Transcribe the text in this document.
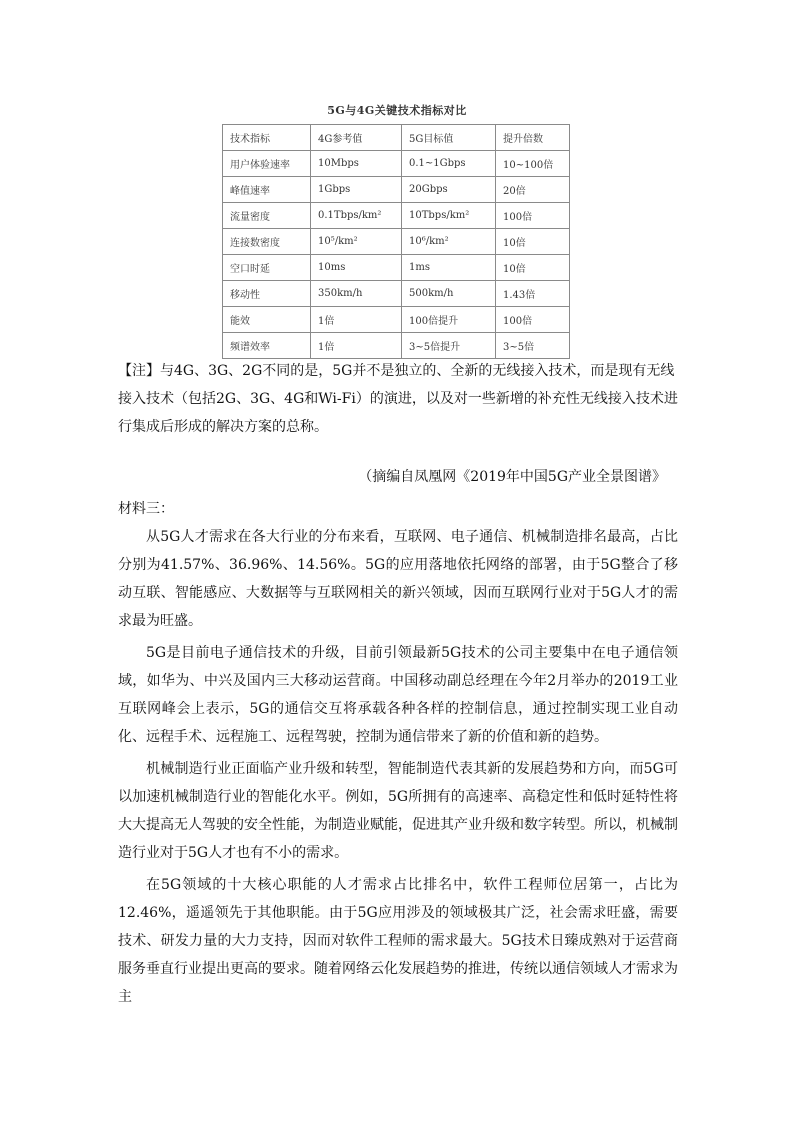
5G与4G关键技术指标对比
技术指标	4G参考值	5G目标值	提升倍数
用户体验速率	10Mbps	0.1~1Gbps	10~100倍
峰值速率	1Gbps	20Gbps	20倍
流量密度	0.1Tbps/km²	10Tbps/km²	100倍
连接数密度	10⁵/km²	10⁶/km²	10倍
空口时延	10ms	1ms	10倍
移动性	350km/h	500km/h	1.43倍
能效	1倍	100倍提升	100倍
频谱效率	1倍	3~5倍提升	3~5倍
【注】与4G、3G、2G不同的是，5G并不是独立的、全新的无线接入技术，而是现有无线接入技术（包括2G、3G、4G和Wi-Fi）的演进，以及对一些新增的补充性无线接入技术进行集成后形成的解决方案的总称。
（摘编自凤凰网《2019年中国5G产业全景图谱》
材料三：

从5G人才需求在各大行业的分布来看，互联网、电子通信、机械制造排名最高，占比分别为41.57%、36.96%、14.56%。5G的应用落地依托网络的部署，由于5G整合了移动互联、智能感应、大数据等与互联网相关的新兴领域，因而互联网行业对于5G人才的需求最为旺盛。

5G是目前电子通信技术的升级，目前引领最新5G技术的公司主要集中在电子通信领域，如华为、中兴及国内三大移动运营商。中国移动副总经理在今年2月举办的2019工业互联网峰会上表示，5G的通信交互将承载各种各样的控制信息，通过控制实现工业自动化、远程手术、远程施工、远程驾驶，控制为通信带来了新的价值和新的趋势。

机械制造行业正面临产业升级和转型，智能制造代表其新的发展趋势和方向，而5G可以加速机械制造行业的智能化水平。例如，5G所拥有的高速率、高稳定性和低时延特性将大大提高无人驾驶的安全性能，为制造业赋能，促进其产业升级和数字转型。所以，机械制造行业对于5G人才也有不小的需求。

在5G领域的十大核心职能的人才需求占比排名中，软件工程师位居第一，占比为12.46%，遥遥领先于其他职能。由于5G应用涉及的领域极其广泛，社会需求旺盛，需要技术、研发力量的大力支持，因而对软件工程师的需求最大。5G技术日臻成熟对于运营商服务垂直行业提出更高的要求。随着网络云化发展趋势的推进，传统以通信领域人才需求为主
